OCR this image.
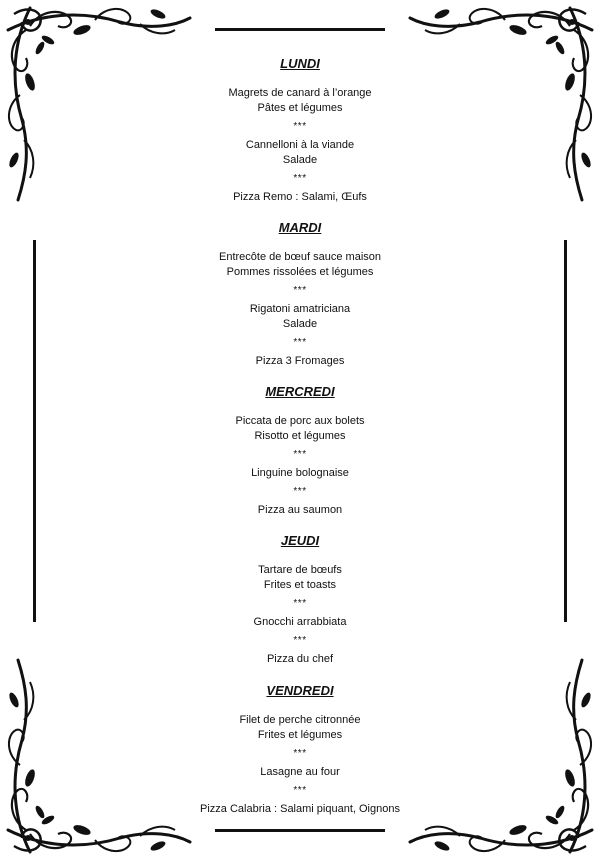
LUNDI

Magrets de canard à l’orange

Pâtes et légumes

***

Cannelloni à la viande

Salade

***

Pizza Remo : Salami, Œufs

MARDI

Entrecôte de bœuf sauce maison

Pommes rissolées et légumes

***

Rigatoni amatriciana

Salade

***

Pizza 3 Fromages

MERCREDI

Piccata de porc aux bolets

Risotto et légumes

***

Linguine bolognaise

***

Pizza au saumon

JEUDI

Tartare de bœufs

Frites et toasts

***

Gnocchi arrabbiata

***

Pizza du chef

VENDREDI

Filet de perche citronnée

Frites et légumes

***

Lasagne au four

***

Pizza Calabria : Salami piquant, Oignons
